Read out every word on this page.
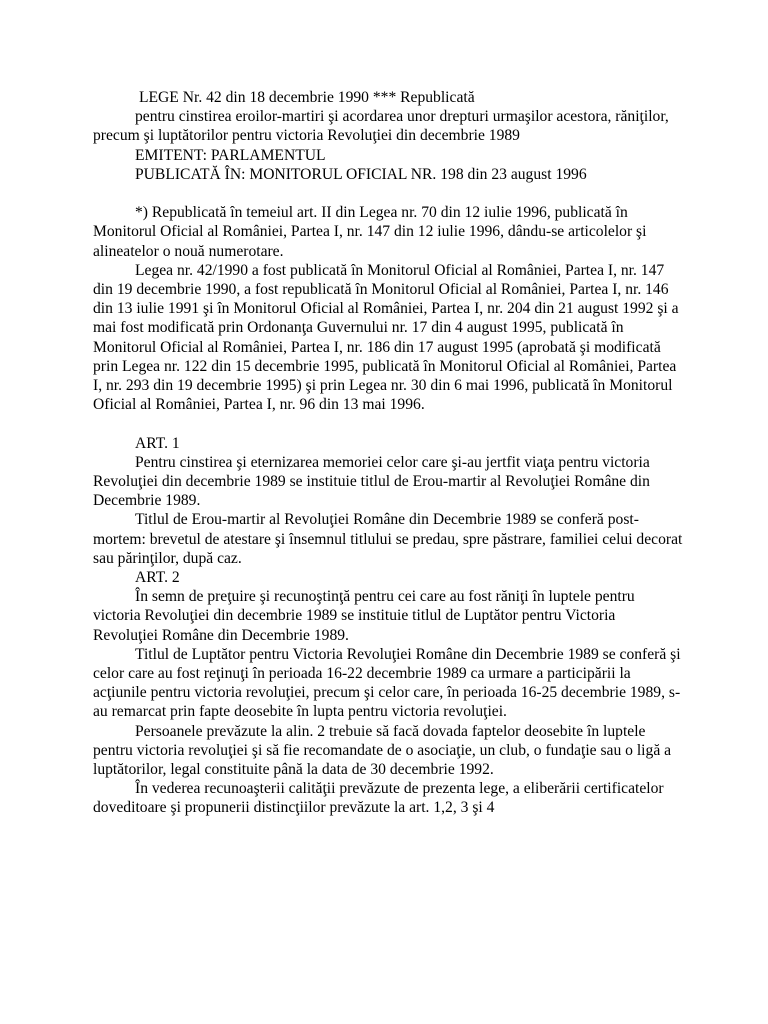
LEGE Nr. 42 din 18 decembrie 1990 *** Republicată

pentru cinstirea eroilor-martiri şi acordarea unor drepturi urmaşilor acestora, răniţilor, precum şi luptătorilor pentru victoria Revoluţiei din decembrie 1989

EMITENT: PARLAMENTUL

PUBLICATĂ ÎN: MONITORUL OFICIAL NR. 198 din 23 august 1996

*) Republicată în temeiul art. II din Legea nr. 70 din 12 iulie 1996, publicată în Monitorul Oficial al României, Partea I, nr. 147 din 12 iulie 1996, dându-se articolelor şi alineatelor o nouă numerotare.

Legea nr. 42/1990 a fost publicată în Monitorul Oficial al României, Partea I, nr. 147 din 19 decembrie 1990, a fost republicată în Monitorul Oficial al României, Partea I, nr. 146 din 13 iulie 1991 şi în Monitorul Oficial al României, Partea I, nr. 204 din 21 august 1992 şi a mai fost modificată prin Ordonanţa Guvernului nr. 17 din 4 august 1995, publicată în Monitorul Oficial al României, Partea I, nr. 186 din 17 august 1995 (aprobată şi modificată prin Legea nr. 122 din 15 decembrie 1995, publicată în Monitorul Oficial al României, Partea I, nr. 293 din 19 decembrie 1995) şi prin Legea nr. 30 din 6 mai 1996, publicată în Monitorul Oficial al României, Partea I, nr. 96 din 13 mai 1996.

ART. 1

Pentru cinstirea şi eternizarea memoriei celor care şi-au jertfit viaţa pentru victoria Revoluţiei din decembrie 1989 se instituie titlul de Erou-martir al Revoluţiei Române din Decembrie 1989.

Titlul de Erou-martir al Revoluţiei Române din Decembrie 1989 se conferă post-mortem: brevetul de atestare şi însemnul titlului se predau, spre păstrare, familiei celui decorat sau părinţilor, după caz.

ART. 2

În semn de preţuire şi recunoştinţă pentru cei care au fost răniţi în luptele pentru victoria Revoluţiei din decembrie 1989 se instituie titlul de Luptător pentru Victoria Revoluţiei Române din Decembrie 1989.

Titlul de Luptător pentru Victoria Revoluţiei Române din Decembrie 1989 se conferă şi celor care au fost reţinuţi în perioada 16-22 decembrie 1989 ca urmare a participării la acţiunile pentru victoria revoluţiei, precum şi celor care, în perioada 16-25 decembrie 1989, s-au remarcat prin fapte deosebite în lupta pentru victoria revoluţiei.

Persoanele prevăzute la alin. 2 trebuie să facă dovada faptelor deosebite în luptele pentru victoria revoluţiei şi să fie recomandate de o asociaţie, un club, o fundaţie sau o ligă a luptătorilor, legal constituite până la data de 30 decembrie 1992.

În vederea recunoaşterii calităţii prevăzute de prezenta lege, a eliberării certificatelor doveditoare şi propunerii distincţiilor prevăzute la art. 1,2, 3 şi 4
